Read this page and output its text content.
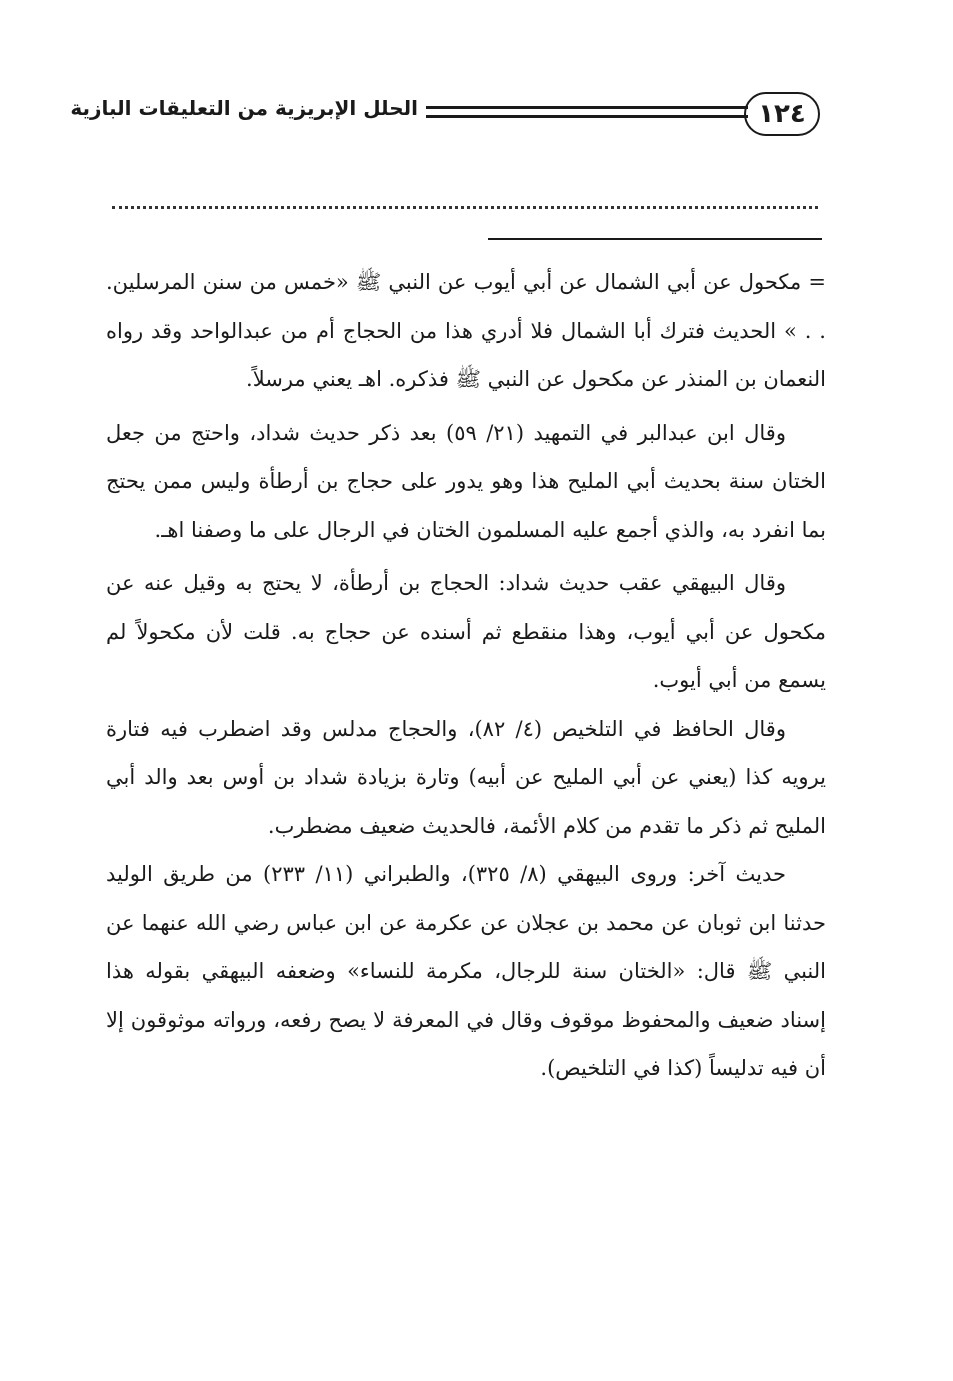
١٢٤
الحلل الإبريزية من التعليقات البازية

= مكحول عن أبي الشمال عن أبي أيوب عن النبي ﷺ «خمس من سنن المرسلين. . . » الحديث فترك أبا الشمال فلا أدري هذا من الحجاج أم من عبدالواحد وقد رواه النعمان بن المنذر عن مكحول عن النبي ﷺ فذكره. اهـ يعني مرسلاً.

وقال ابن عبدالبر في التمهيد (٢١/ ٥٩) بعد ذكر حديث شداد، واحتج من جعل الختان سنة بحديث أبي المليح هذا وهو يدور على حجاج بن أرطأة وليس ممن يحتج بما انفرد به، والذي أجمع عليه المسلمون الختان في الرجال على ما وصفنا اهـ.

وقال البيهقي عقب حديث شداد: الحجاج بن أرطأة، لا يحتج به وقيل عنه عن مكحول عن أبي أيوب، وهذا منقطع ثم أسنده عن حجاج به. قلت لأن مكحولاً لم يسمع من أبي أيوب.

وقال الحافظ في التلخيص (٤/ ٨٢)، والحجاج مدلس وقد اضطرب فيه فتارة يرويه كذا (يعني عن أبي المليح عن أبيه) وتارة بزيادة شداد بن أوس بعد والد أبي المليح ثم ذكر ما تقدم من كلام الأئمة، فالحديث ضعيف مضطرب.

حديث آخر: وروى البيهقي (٨/ ٣٢٥)، والطبراني (١١/ ٢٣٣) من طريق الوليد حدثنا ابن ثوبان عن محمد بن عجلان عن عكرمة عن ابن عباس رضي الله عنهما عن النبي ﷺ قال: «الختان سنة للرجال، مكرمة للنساء» وضعفه البيهقي بقوله هذا إسناد ضعيف والمحفوظ موقوف وقال في المعرفة لا يصح رفعه، ورواته موثوقون إلا أن فيه تدليساً (كذا في التلخيص).
